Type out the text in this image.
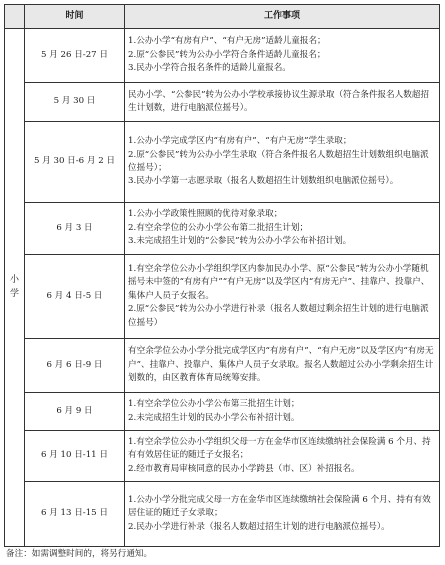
	时间	工作事项
小学	5 月 26 日-27 日	1.公办小学“有房有户”、“有户无房”适龄儿童报名；
2.原“公参民”转为公办小学符合条件适龄儿童报名；
3.民办小学符合报名条件的适龄儿童报名。

	5 月 30 日	民办小学、“公参民”转为公办小学校承接协议生源录取（符合条件报名人数超招生计划数，进行电脑派位摇号）。

	5 月 30 日-6 月 2 日	1.公办小学完成学区内“有房有户”、“有户无房”学生录取；
2.原“公参民”转为公办小学生录取（符合条件报名人数超招生计划数组织电脑派位摇号）；
3.民办小学第一志愿录取（报名人数超招生计划数组织电脑派位摇号）。

	6 月 3 日	1.公办小学政策性照顾的优待对象录取；
2.有空余学位的公办小学公布第二批招生计划；
3.未完成招生计划的“公参民”转为公办小学公布补招计划。

	6 月 4 日-5 日	1.有空余学位公办小学组织学区内参加民办小学、原“公参民”转为公办小学随机摇号未中签的“有房有户”“有户无房”以及学区内“有房无户”、挂靠户、投靠户、集体户人员子女报名。
2.原“公参民”转为公办小学进行补录（报名人数超过剩余招生计划的进行电脑派位摇号）

	6 月 6 日-9 日	有空余学位公办小学分批完成学区内“有房有户”、“有户无房”以及学区内“有房无户”、挂靠户、投靠户、集体户人员子女录取。报名人数超过公办小学剩余招生计划数的，由区教育体育局统筹安排。

	6 月 9 日	1.有空余学位公办小学公布第三批招生计划；
2.未完成招生计划的民办小学公布补招计划。

	6 月 10 日-11 日	1.有空余学位公办小学组织父母一方在金华市区连续缴纳社会保险满 6 个月、持有有效居住证的随迁子女报名；
2.经市教育局审核同意的民办小学跨县（市、区）补招报名。

	6 月 13 日-15 日	1.公办小学分批完成父母一方在金华市区连续缴纳社会保险满 6 个月、持有有效居住证的随迁子女录取；
2.民办小学进行补录（报名人数超过招生计划的进行电脑派位摇号）。
备注：如需调整时间的，将另行通知。
